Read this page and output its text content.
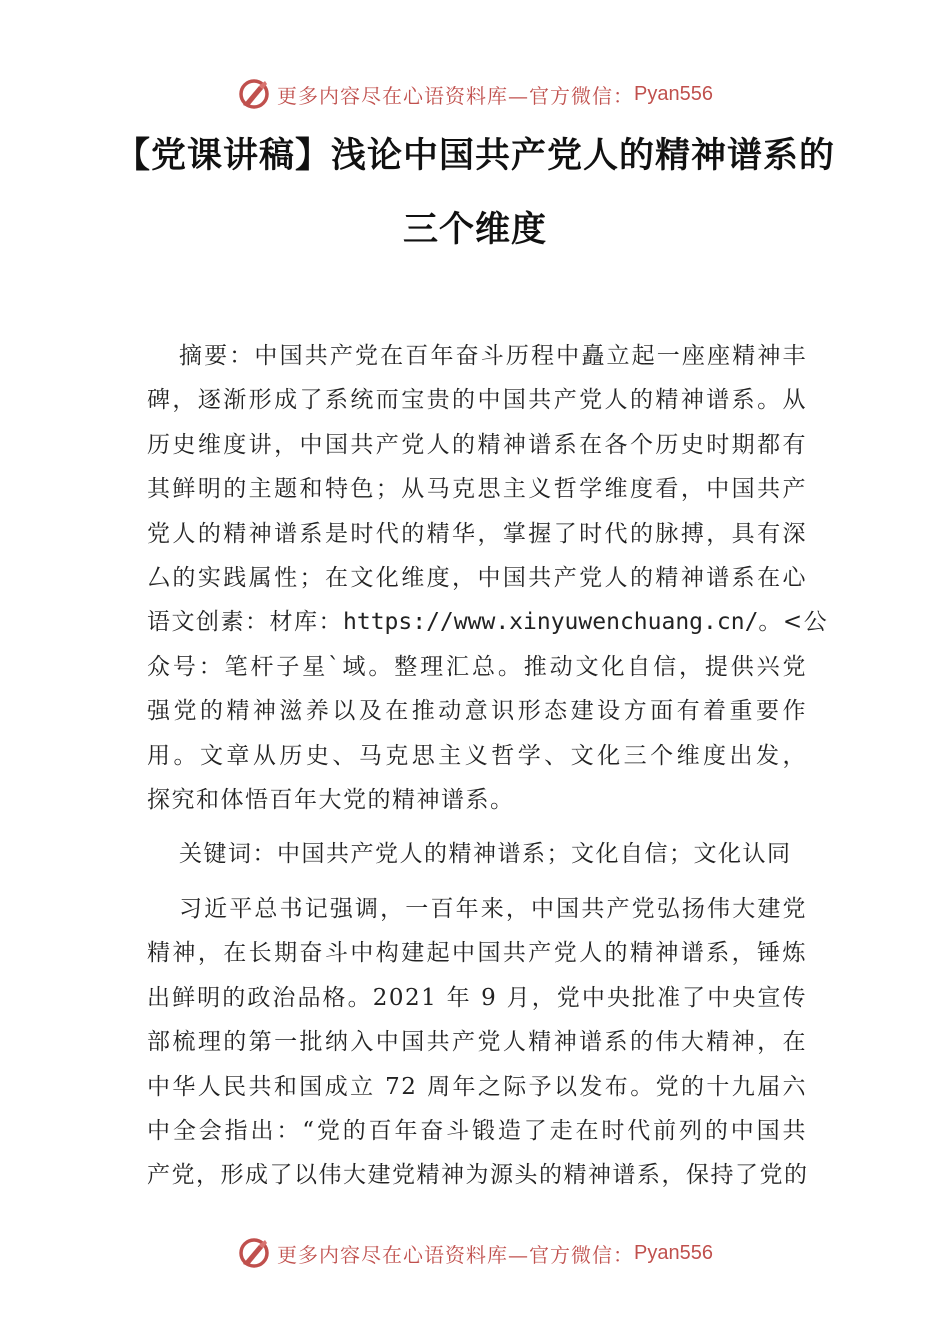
更多内容尽在心语资料库—官方微信： Pyan556
【党课讲稿】浅论中国共产党人的精神谱系的
三个维度
摘要：中国共产党在百年奋斗历程中矗立起一座座精神丰
碑，逐渐形成了系统而宝贵的中国共产党人的精神谱系。从
历史维度讲，中国共产党人的精神谱系在各个历史时期都有
其鲜明的主题和特色；从马克思主义哲学维度看，中国共产
党人的精神谱系是时代的精华，掌握了时代的脉搏，具有深
厶的实践属性；在文化维度，中国共产党人的精神谱系在心
语文创素：材库：https://www.xinyuwenchuang.cn/。<公
众号：笔杆子星`域。整理汇总。推动文化自信，提供兴党
强党的精神滋养以及在推动意识形态建设方面有着重要作
用。文章从历史、马克思主义哲学、文化三个维度出发，
探究和体悟百年大党的精神谱系。
关键词：中国共产党人的精神谱系；文化自信；文化认同
习近平总书记强调，一百年来，中国共产党弘扬伟大建党
精神，在长期奋斗中构建起中国共产党人的精神谱系，锤炼
出鲜明的政治品格。2021 年 9 月，党中央批准了中央宣传
部梳理的第一批纳入中国共产党人精神谱系的伟大精神，在
中华人民共和国成立 72 周年之际予以发布。党的十九届六
中全会指出：“党的百年奋斗锻造了走在时代前列的中国共
产党，形成了以伟大建党精神为源头的精神谱系，保持了党的
更多内容尽在心语资料库—官方微信： Pyan556
